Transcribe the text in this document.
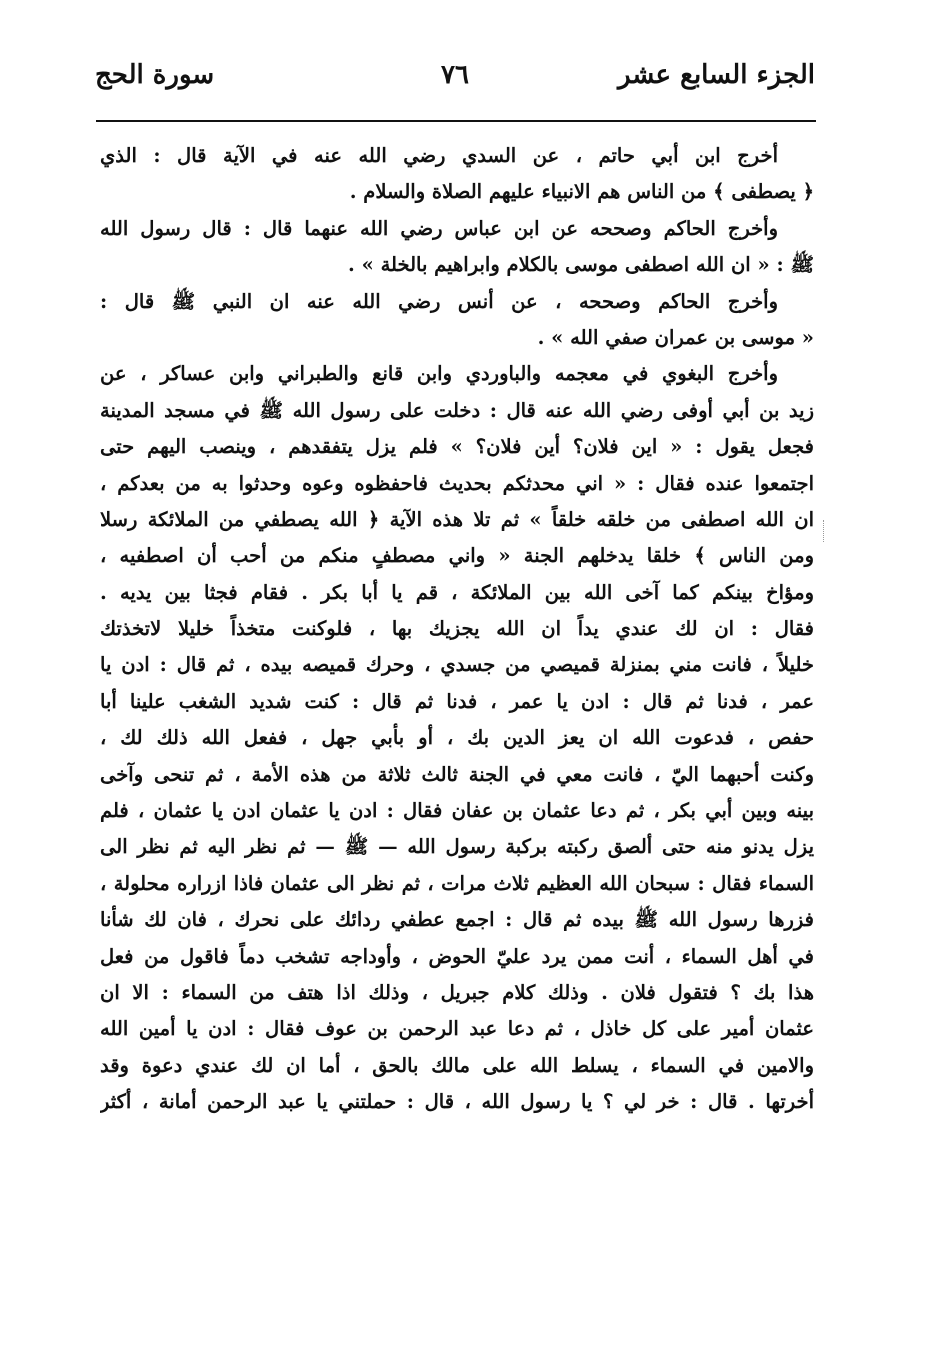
الجزء السابع عشر
٧٦
سورة الحج
أخرج ابن أبي حاتم ، عن السدي رضي الله عنه في الآية قال : الذي
﴿ يصطفى ﴾ من الناس هم الانبياء عليهم الصلاة والسلام .
وأخرج الحاكم وصححه عن ابن عباس رضي الله عنهما قال : قال رسول الله
ﷺ : « ان الله اصطفى موسى بالكلام وابراهيم بالخلة » .
وأخرج الحاكم وصححه ، عن أنس رضي الله عنه ان النبي ﷺ قال :
« موسى بن عمران صفي الله » .
وأخرج البغوي في معجمه والباوردي وابن قانع والطبراني وابن عساكر ، عن
زيد بن أبي أوفى رضي الله عنه قال : دخلت على رسول الله ﷺ في مسجد المدينة
فجعل يقول : « اين فلان؟ أين فلان؟ » فلم يزل يتفقدهم ، وينصب اليهم حتى
اجتمعوا عنده فقال : « اني محدثكم بحديث فاحفظوه وعوه وحدثوا به من بعدكم ،
ان الله اصطفى من خلقه خلقاً » ثم تلا هذه الآية ﴿ الله يصطفي من الملائكة رسلا
ومن الناس ﴾ خلقا يدخلهم الجنة « واني مصطفٍ منكم من أحب أن اصطفيه ،
ومؤاخ بينكم كما آخى الله بين الملائكة ، قم يا أبا بكر . فقام فجثا بين يديه .
فقال : ان لك عندي يداً ان الله يجزيك بها ، فلوكنت متخذاً خليلا لاتخذتك
خليلاً ، فانت مني بمنزلة قميصي من جسدي ، وحرك قميصه بيده ، ثم قال : ادن يا
عمر ، فدنا ثم قال : ادن يا عمر ، فدنا ثم قال : كنت شديد الشغب علينا أبا
حفص ، فدعوت الله ان يعز الدين بك ، أو بأبي جهل ، ففعل الله ذلك لك ،
وكنت أحبهما اليّ ، فانت معي في الجنة ثالث ثلاثة من هذه الأمة ، ثم تنحى وآخى
بينه وبين أبي بكر ، ثم دعا عثمان بن عفان فقال : ادن يا عثمان ادن يا عثمان ، فلم
يزل يدنو منه حتى ألصق ركبته بركبة رسول الله — ﷺ — ثم نظر اليه ثم نظر الى
السماء فقال : سبحان الله العظيم ثلاث مرات ، ثم نظر الى عثمان فاذا ازراره محلولة ،
فزرها رسول الله ﷺ بيده ثم قال : اجمع عطفي ردائك على نحرك ، فان لك شأنا
في أهل السماء ، أنت ممن يرد عليّ الحوض ، وأوداجه تشخب دماً فاقول من فعل
هذا بك ؟ فتقول فلان . وذلك كلام جبريل ، وذلك اذا هتف من السماء : الا ان
عثمان أمير على كل خاذل ، ثم دعا عبد الرحمن بن عوف فقال : ادن يا أمين الله
والامين في السماء ، يسلط الله على مالك بالحق ، أما ان لك عندي دعوة وقد
أخرتها . قال : خر لي ؟ يا رسول الله ، قال : حملتني يا عبد الرحمن أمانة ، أكثر
